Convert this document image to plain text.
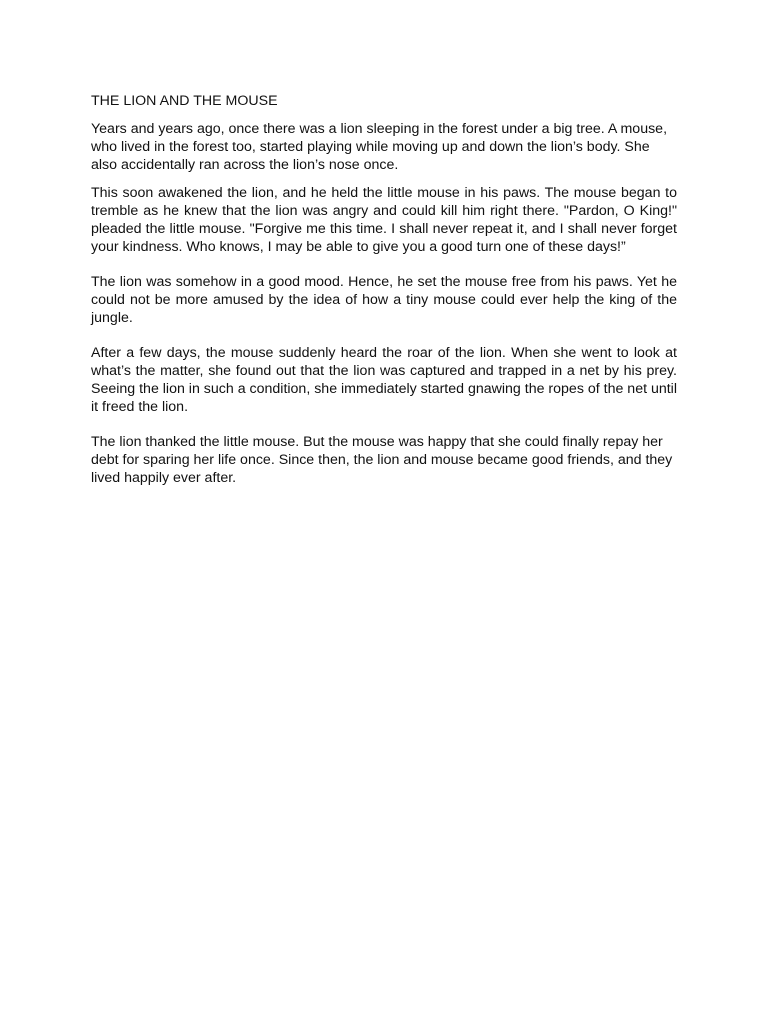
THE LION AND THE MOUSE

Years and years ago, once there was a lion sleeping in the forest under a big tree. A mouse, who lived in the forest too, started playing while moving up and down the lion’s body. She also accidentally ran across the lion’s nose once.

This soon awakened the lion, and he held the little mouse in his paws. The mouse began to tremble as he knew that the lion was angry and could kill him right there. "Pardon, O King!" pleaded the little mouse. "Forgive me this time. I shall never repeat it, and I shall never forget your kindness. Who knows, I may be able to give you a good turn one of these days!”

The lion was somehow in a good mood. Hence, he set the mouse free from his paws. Yet he could not be more amused by the idea of how a tiny mouse could ever help the king of the jungle.

After a few days, the mouse suddenly heard the roar of the lion. When she went to look at what’s the matter, she found out that the lion was captured and trapped in a net by his prey. Seeing the lion in such a condition, she immediately started gnawing the ropes of the net until it freed the lion.

The lion thanked the little mouse. But the mouse was happy that she could finally repay her debt for sparing her life once. Since then, the lion and mouse became good friends, and they lived happily ever after.
